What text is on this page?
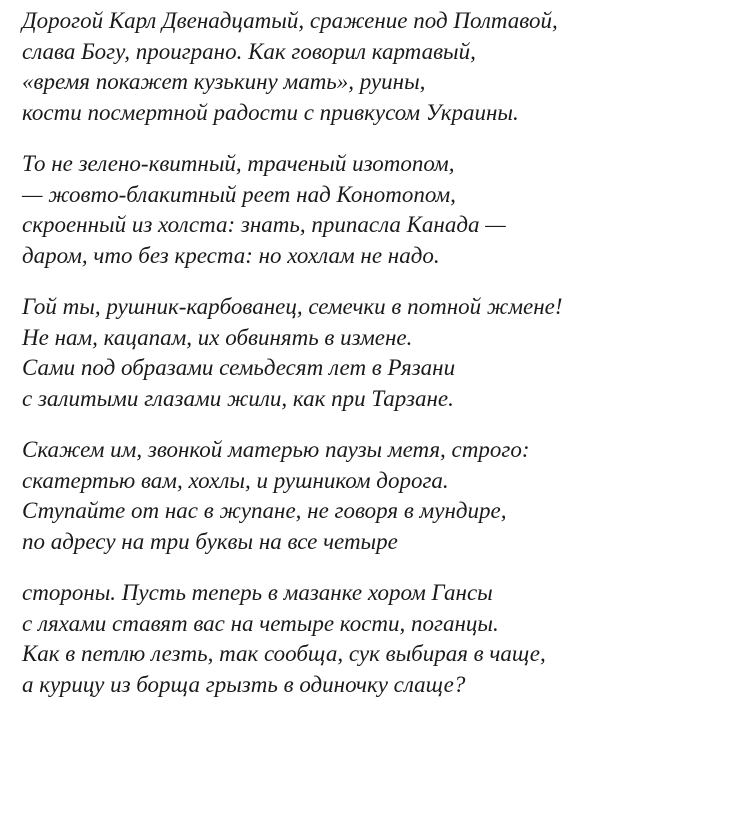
Дорогой Карл Двенадцатый, сражение под Полтавой,
слава Богу, проиграно. Как говорил картавый,
«время покажет кузькину мать», руины,
кости посмертной радости с привкусом Украины.
То не зелено-квитный, траченый изотопом,
— жовто-блакитный реет над Конотопом,
скроенный из холста: знать, припасла Канада —
даром, что без креста: но хохлам не надо.
Гой ты, рушник-карбованец, семечки в потной жмене!
Не нам, кацапам, их обвинять в измене.
Сами под образами семьдесят лет в Рязани
с залитыми глазами жили, как при Тарзане.
Скажем им, звонкой матерью паузы метя, строго:
скатертью вам, хохлы, и рушником дорога.
Ступайте от нас в жупане, не говоря в мундире,
по адресу на три буквы на все четыре
стороны. Пусть теперь в мазанке хором Гансы
с ляхами ставят вас на четыре кости, поганцы.
Как в петлю лезть, так сообща, сук выбирая в чаще,
а курицу из борща грызть в одиночку слаще?
